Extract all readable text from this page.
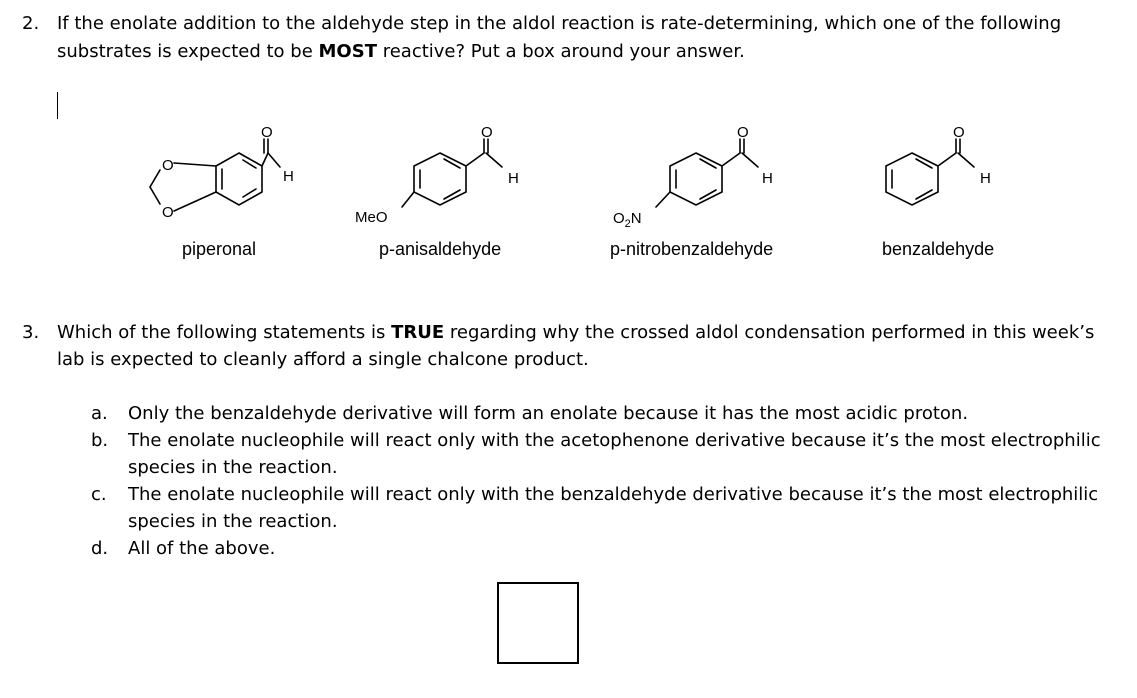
2. If the enolate addition to the aldehyde step in the aldol reaction is rate-determining, which one of the following
substrates is expected to be MOST reactive? Put a box around your answer.
O
H
O
O
O
H
MeO
O
H
$O_2N$
O
H
piperonal	p-anisaldehyde	p-nitrobenzaldehyde	benzaldehyde
3. Which of the following statements is TRUE regarding why the crossed aldol condensation performed in this week’s
lab is expected to cleanly afford a single chalcone product.
a. Only the benzaldehyde derivative will form an enolate because it has the most acidic proton.
b. The enolate nucleophile will react only with the acetophenone derivative because it’s the most electrophilic
species in the reaction.
c. The enolate nucleophile will react only with the benzaldehyde derivative because it’s the most electrophilic
species in the reaction.
d. All of the above.
